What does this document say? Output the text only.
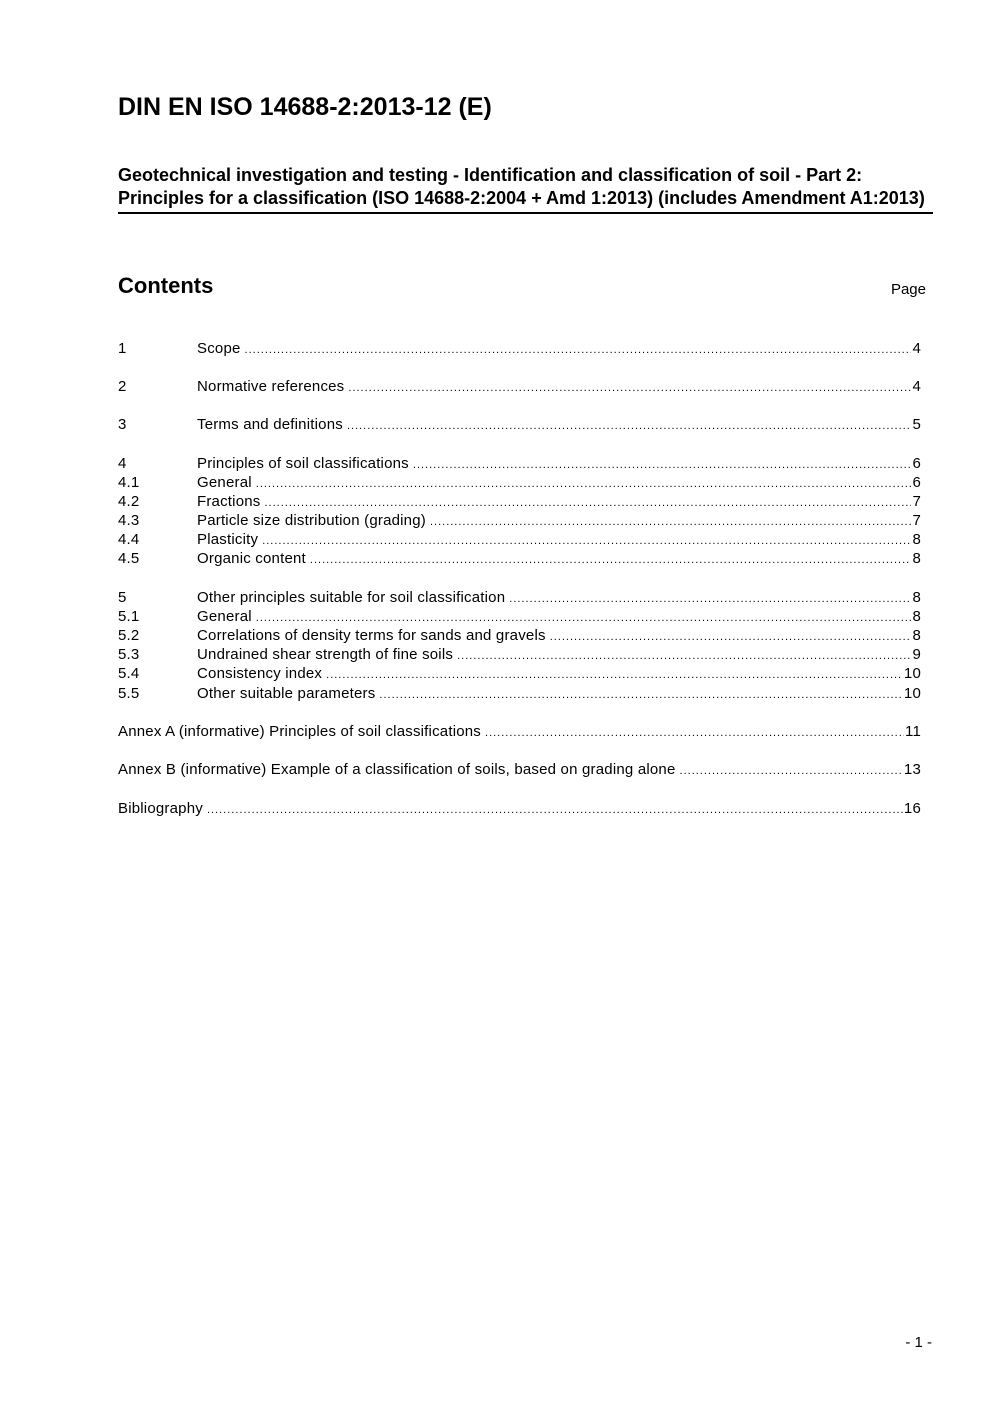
DIN EN ISO 14688-2:2013-12 (E)
Geotechnical investigation and testing - Identification and classification of soil - Part 2: Principles for a classification (ISO 14688-2:2004 + Amd 1:2013) (includes Amendment A1:2013)
Contents	Page
1	Scope .....	4
2	Normative references .....	4
3	Terms and definitions .....	5
4	Principles of soil classifications .....	6
4.1	General .....	6
4.2	Fractions .....	7
4.3	Particle size distribution (grading) .....	7
4.4	Plasticity .....	8
4.5	Organic content .....	8
5	Other principles suitable for soil classification .....	8
5.1	General .....	8
5.2	Correlations of density terms for sands and gravels .....	8
5.3	Undrained shear strength of fine soils .....	9
5.4	Consistency index .....	10
5.5	Other suitable parameters .....	10
Annex A (informative) Principles of soil classifications .....	11
Annex B (informative) Example of a classification of soils, based on grading alone .....	13
Bibliography .....	16
- 1 -
